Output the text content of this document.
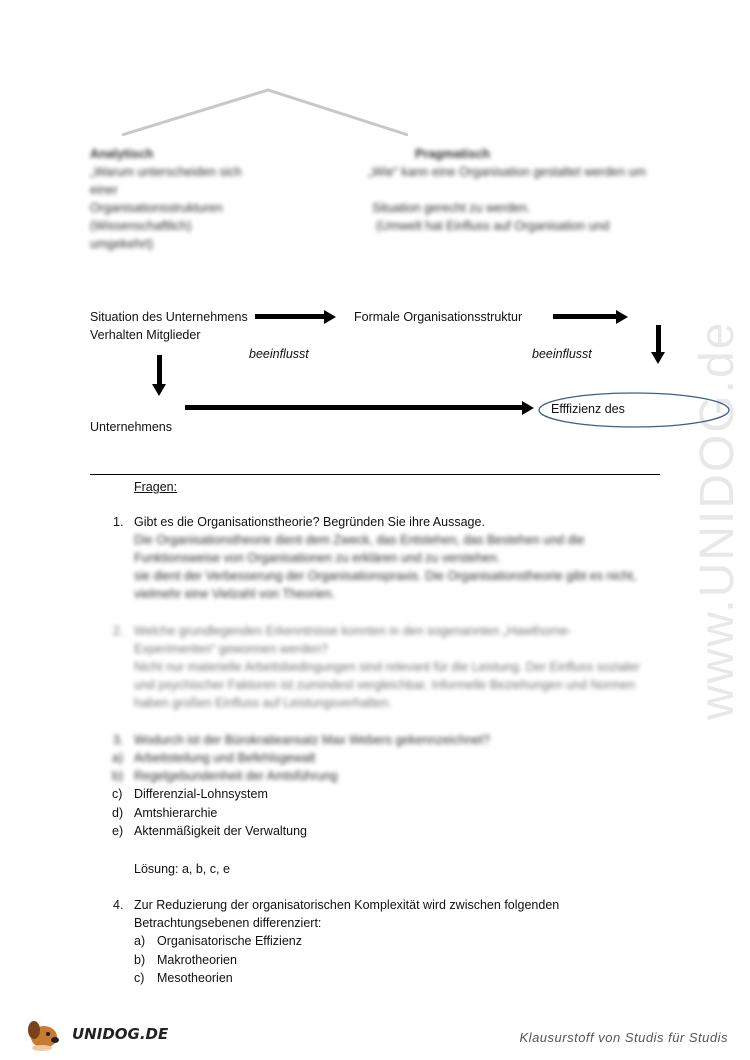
www.UNIDOG.de
Analytisch
„Warum unterscheiden sich
einer
Organisationsstrukturen
(Wissenschaftlich)
umgekehrt)
Pragmatisch
„Wie“ kann eine Organisation gestaltet werden um
Situation gerecht zu werden.
(Umwelt hat Einfluss auf Organisation und
Situation des Unternehmens
Verhalten Mitglieder
Formale Organisationsstruktur
beeinflusst	beeinflusst
Efffizienz des
Unternehmens
Fragen:
1. Gibt es die Organisationstheorie? Begründen Sie ihre Aussage.
Die Organisationstheorie dient dem Zweck, das Entstehen, das Bestehen und die
Funktionsweise von Organisationen zu erklären und zu verstehen.
sie dient der Verbesserung der Organisationspraxis. Die Organisationstheorie gibt es nicht,
vielmehr eine Vielzahl von Theorien.
2. Welche grundlegenden Erkenntnisse konnten in den sogenannten „Hawthorne-
Experimenten“ gewonnen werden?
Nicht nur materielle Arbeitsbedingungen sind relevant für die Leistung. Der Einfluss sozialer
und psychischer Faktoren ist zumindest vergleichbar. Informelle Beziehungen und Normen
haben großen Einfluss auf Leistungsverhalten.
3. Wodurch ist der Bürokratieansatz Max Webers gekennzeichnet?
a) Arbeitsteilung und Befehlsgewalt
b) Regelgebundenheit der Amtsführung
c) Differenzial-Lohnsystem
d) Amtshierarchie
e) Aktenmäßigkeit der Verwaltung
Lösung: a, b, c, e
4. Zur Reduzierung der organisatorischen Komplexität wird zwischen folgenden
Betrachtungsebenen differenziert:
a) Organisatorische Effizienz
b) Makrotheorien
c) Mesotheorien
UNIDOG.DE	Klausurstoff von Studis für Studis
